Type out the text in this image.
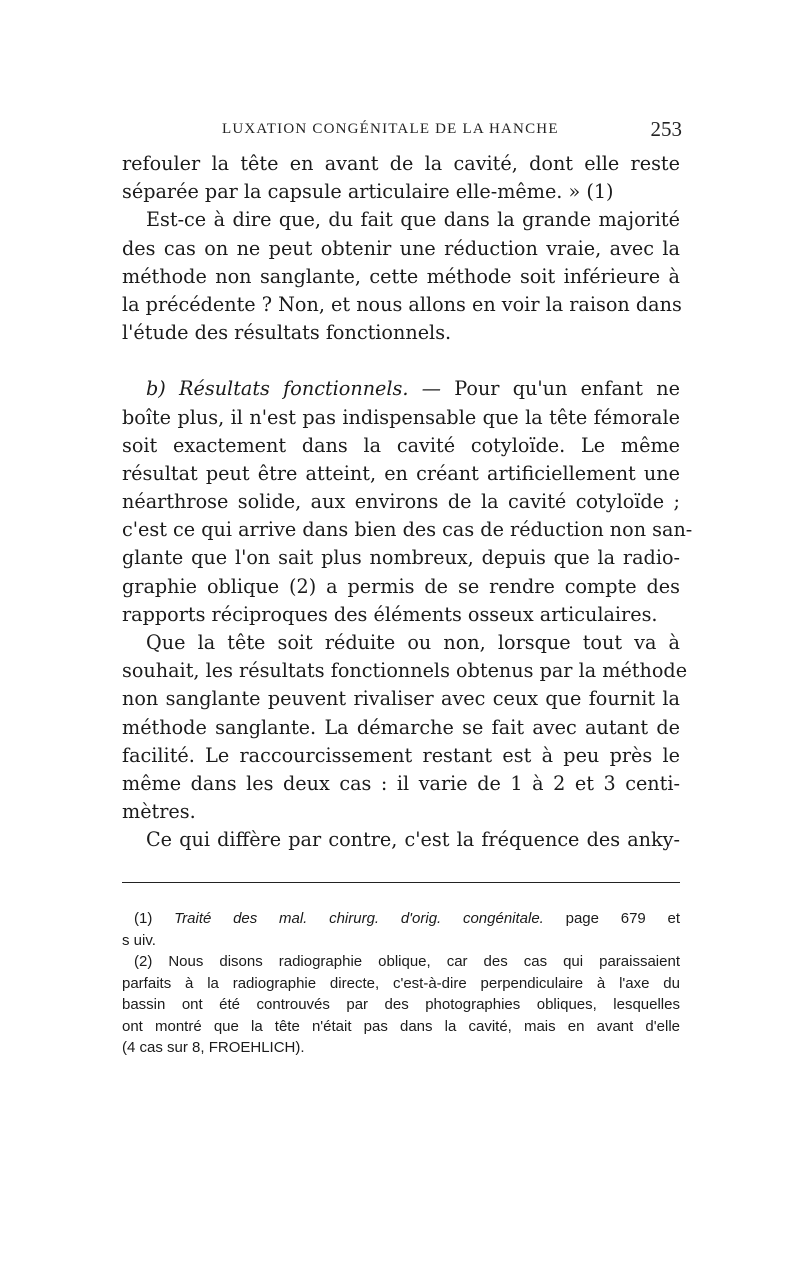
LUXATION CONGÉNITALE DE LA HANCHE	253
refouler la tête en avant de la cavité, dont elle reste
séparée par la capsule articulaire elle-même. » (1)
Est-ce à dire que, du fait que dans la grande majorité
des cas on ne peut obtenir une réduction vraie, avec la
méthode non sanglante, cette méthode soit inférieure à
la précédente ? Non, et nous allons en voir la raison dans
l'étude des résultats fonctionnels.
b) Résultats fonctionnels. — Pour qu'un enfant ne
boîte plus, il n'est pas indispensable que la tête fémorale
soit exactement dans la cavité cotyloïde. Le même
résultat peut être atteint, en créant artificiellement une
néarthrose solide, aux environs de la cavité cotyloïde ;
c'est ce qui arrive dans bien des cas de réduction non san-
glante que l'on sait plus nombreux, depuis que la radio-
graphie oblique (2) a permis de se rendre compte des
rapports réciproques des éléments osseux articulaires.
Que la tête soit réduite ou non, lorsque tout va à
souhait, les résultats fonctionnels obtenus par la méthode
non sanglante peuvent rivaliser avec ceux que fournit la
méthode sanglante. La démarche se fait avec autant de
facilité. Le raccourcissement restant est à peu près le
même dans les deux cas : il varie de 1 à 2 et 3 centi-
mètres.
Ce qui diffère par contre, c'est la fréquence des anky-
(1) Traité des mal. chirurg. d'orig. congénitale. page 679 et
s uiv.
(2) Nous disons radiographie oblique, car des cas qui paraissaient
parfaits à la radiographie directe, c'est-à-dire perpendiculaire à l'axe du
bassin ont été controuvés par des photographies obliques, lesquelles
ont montré que la tête n'était pas dans la cavité, mais en avant d'elle
(4 cas sur 8, FROEHLICH).
